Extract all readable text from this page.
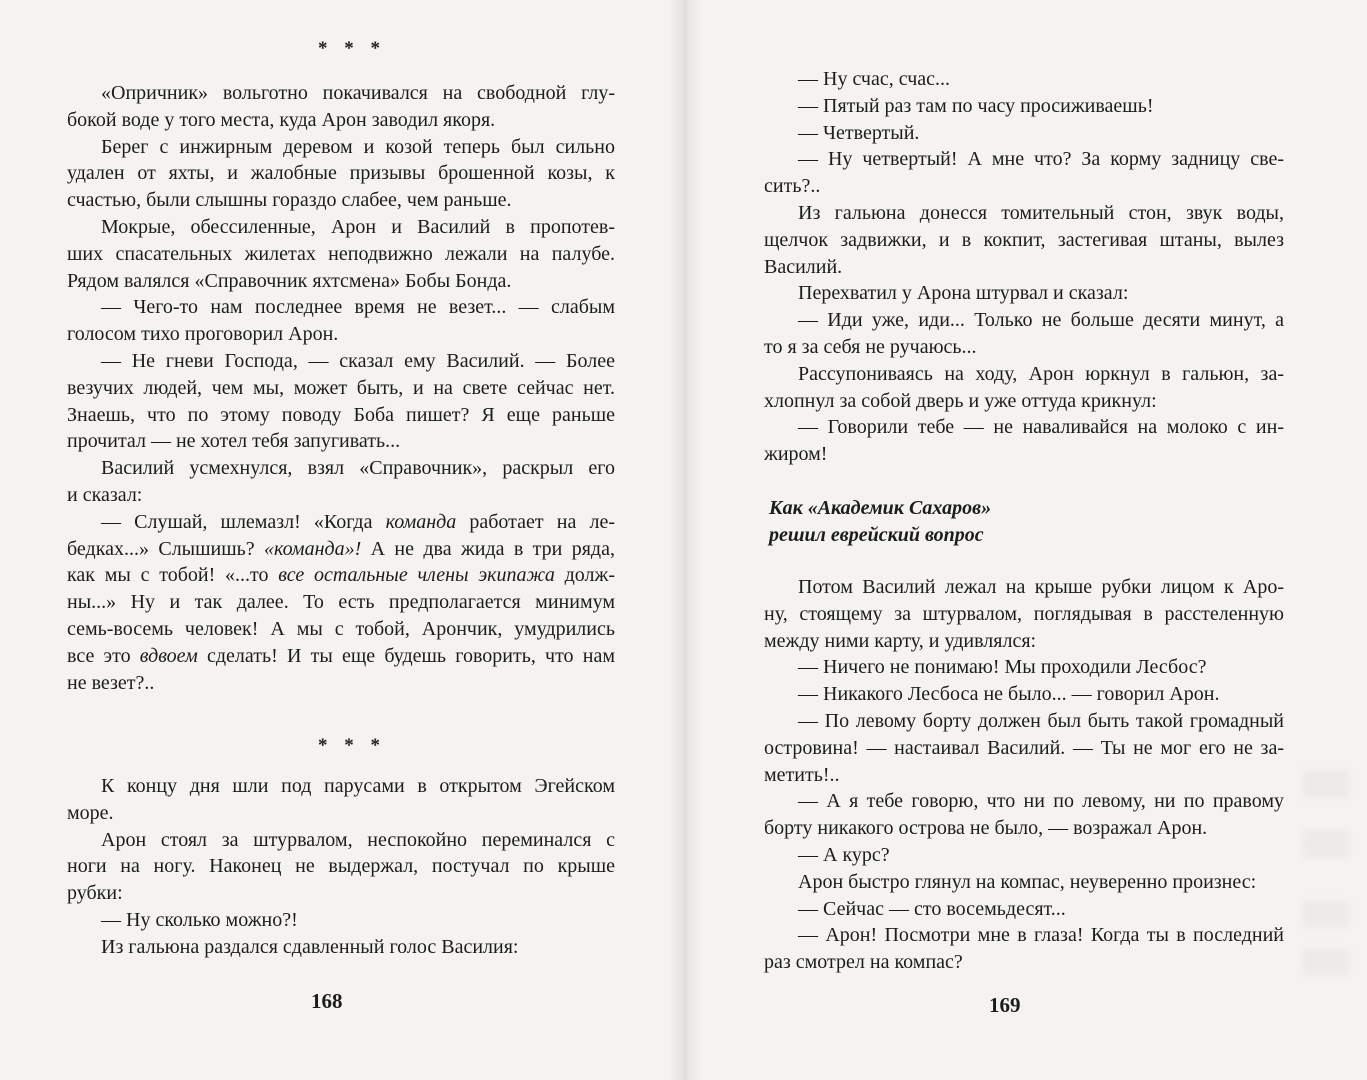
* * *
«Опричник» вольготно покачивался на свободной глу-
бокой воде у того места, куда Арон заводил якоря.
Берег с инжирным деревом и козой теперь был сильно
удален от яхты, и жалобные призывы брошенной козы, к
счастью, были слышны гораздо слабее, чем раньше.
Мокрые, обессиленные, Арон и Василий в пропотев-
ших спасательных жилетах неподвижно лежали на палубе.
Рядом валялся «Справочник яхтсмена» Бобы Бонда.
— Чего-то нам последнее время не везет... — слабым
голосом тихо проговорил Арон.
— Не гневи Господа, — сказал ему Василий. — Более
везучих людей, чем мы, может быть, и на свете сейчас нет.
Знаешь, что по этому поводу Боба пишет? Я еще раньше
прочитал — не хотел тебя запугивать...
Василий усмехнулся, взял «Справочник», раскрыл его
и сказал:
— Слушай, шлемазл! «Когда команда работает на ле-
бедках...» Слышишь? «команда»! А не два жида в три ряда,
как мы с тобой! «...то все остальные члены экипажа долж-
ны...» Ну и так далее. То есть предполагается минимум
семь-восемь человек! А мы с тобой, Арончик, умудрились
все это вдвоем сделать! И ты еще будешь говорить, что нам
не везет?..
* * *
К концу дня шли под парусами в открытом Эгейском
море.
Арон стоял за штурвалом, неспокойно переминался с
ноги на ногу. Наконец не выдержал, постучал по крыше
рубки:
— Ну сколько можно?!
Из гальюна раздался сдавленный голос Василия:
168
— Ну счас, счас...
— Пятый раз там по часу просиживаешь!
— Четвертый.
— Ну четвертый! А мне что? За корму задницу све-
сить?..
Из гальюна донесся томительный стон, звук воды,
щелчок задвижки, и в кокпит, застегивая штаны, вылез
Василий.
Перехватил у Арона штурвал и сказал:
— Иди уже, иди... Только не больше десяти минут, а
то я за себя не ручаюсь...
Рассупониваясь на ходу, Арон юркнул в гальюн, за-
хлопнул за собой дверь и уже оттуда крикнул:
— Говорили тебе — не наваливайся на молоко с ин-
жиром!
Как «Академик Сахаров»
решил еврейский вопрос
Потом Василий лежал на крыше рубки лицом к Аро-
ну, стоящему за штурвалом, поглядывая в расстеленную
между ними карту, и удивлялся:
— Ничего не понимаю! Мы проходили Лесбос?
— Никакого Лесбоса не было... — говорил Арон.
— По левому борту должен был быть такой громадный
островина! — настаивал Василий. — Ты не мог его не за-
метить!..
— А я тебе говорю, что ни по левому, ни по правому
борту никакого острова не было, — возражал Арон.
— А курс?
Арон быстро глянул на компас, неуверенно произнес:
— Сейчас — сто восемьдесят...
— Арон! Посмотри мне в глаза! Когда ты в последний
раз смотрел на компас?
169
